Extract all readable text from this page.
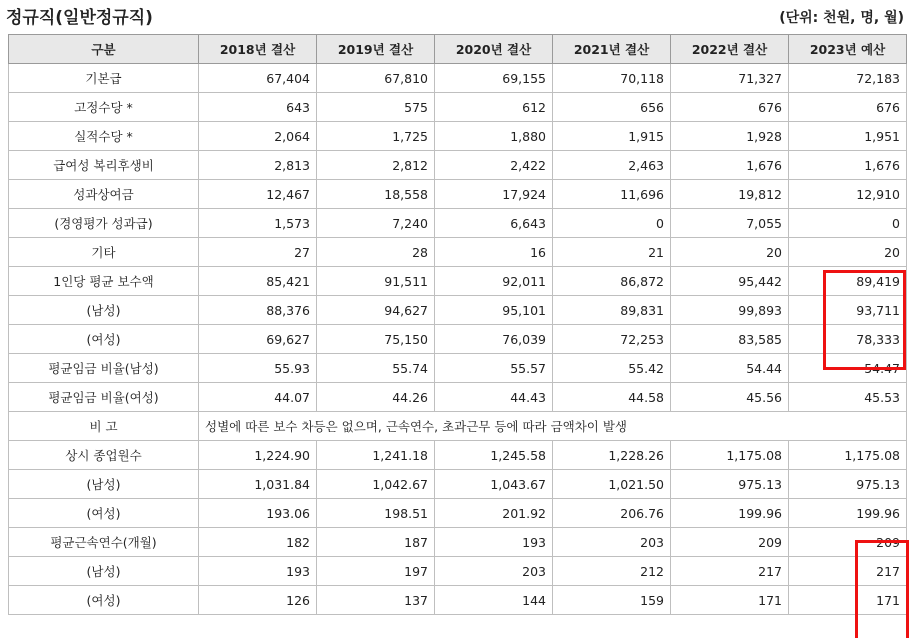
정규직(일반정규직)	(단위: 천원, 명, 월)
구분	2018년 결산	2019년 결산	2020년 결산	2021년 결산	2022년 결산	2023년 예산
기본급	67,404	67,810	69,155	70,118	71,327	72,183
고정수당 *	643	575	612	656	676	676
실적수당 *	2,064	1,725	1,880	1,915	1,928	1,951
급여성 복리후생비	2,813	2,812	2,422	2,463	1,676	1,676
성과상여금	12,467	18,558	17,924	11,696	19,812	12,910
(경영평가 성과급)	1,573	7,240	6,643	0	7,055	0
기타	27	28	16	21	20	20
1인당 평균 보수액	85,421	91,511	92,011	86,872	95,442	89,419
(남성)	88,376	94,627	95,101	89,831	99,893	93,711
(여성)	69,627	75,150	76,039	72,253	83,585	78,333
평균임금 비율(남성)	55.93	55.74	55.57	55.42	54.44	54.47
평균임금 비율(여성)	44.07	44.26	44.43	44.58	45.56	45.53
비 고	성별에 따른 보수 차등은 없으며, 근속연수, 초과근무 등에 따라 금액차이 발생					
상시 종업원수	1,224.90	1,241.18	1,245.58	1,228.26	1,175.08	1,175.08
(남성)	1,031.84	1,042.67	1,043.67	1,021.50	975.13	975.13
(여성)	193.06	198.51	201.92	206.76	199.96	199.96
평균근속연수(개월)	182	187	193	203	209	209
(남성)	193	197	203	212	217	217
(여성)	126	137	144	159	171	171
